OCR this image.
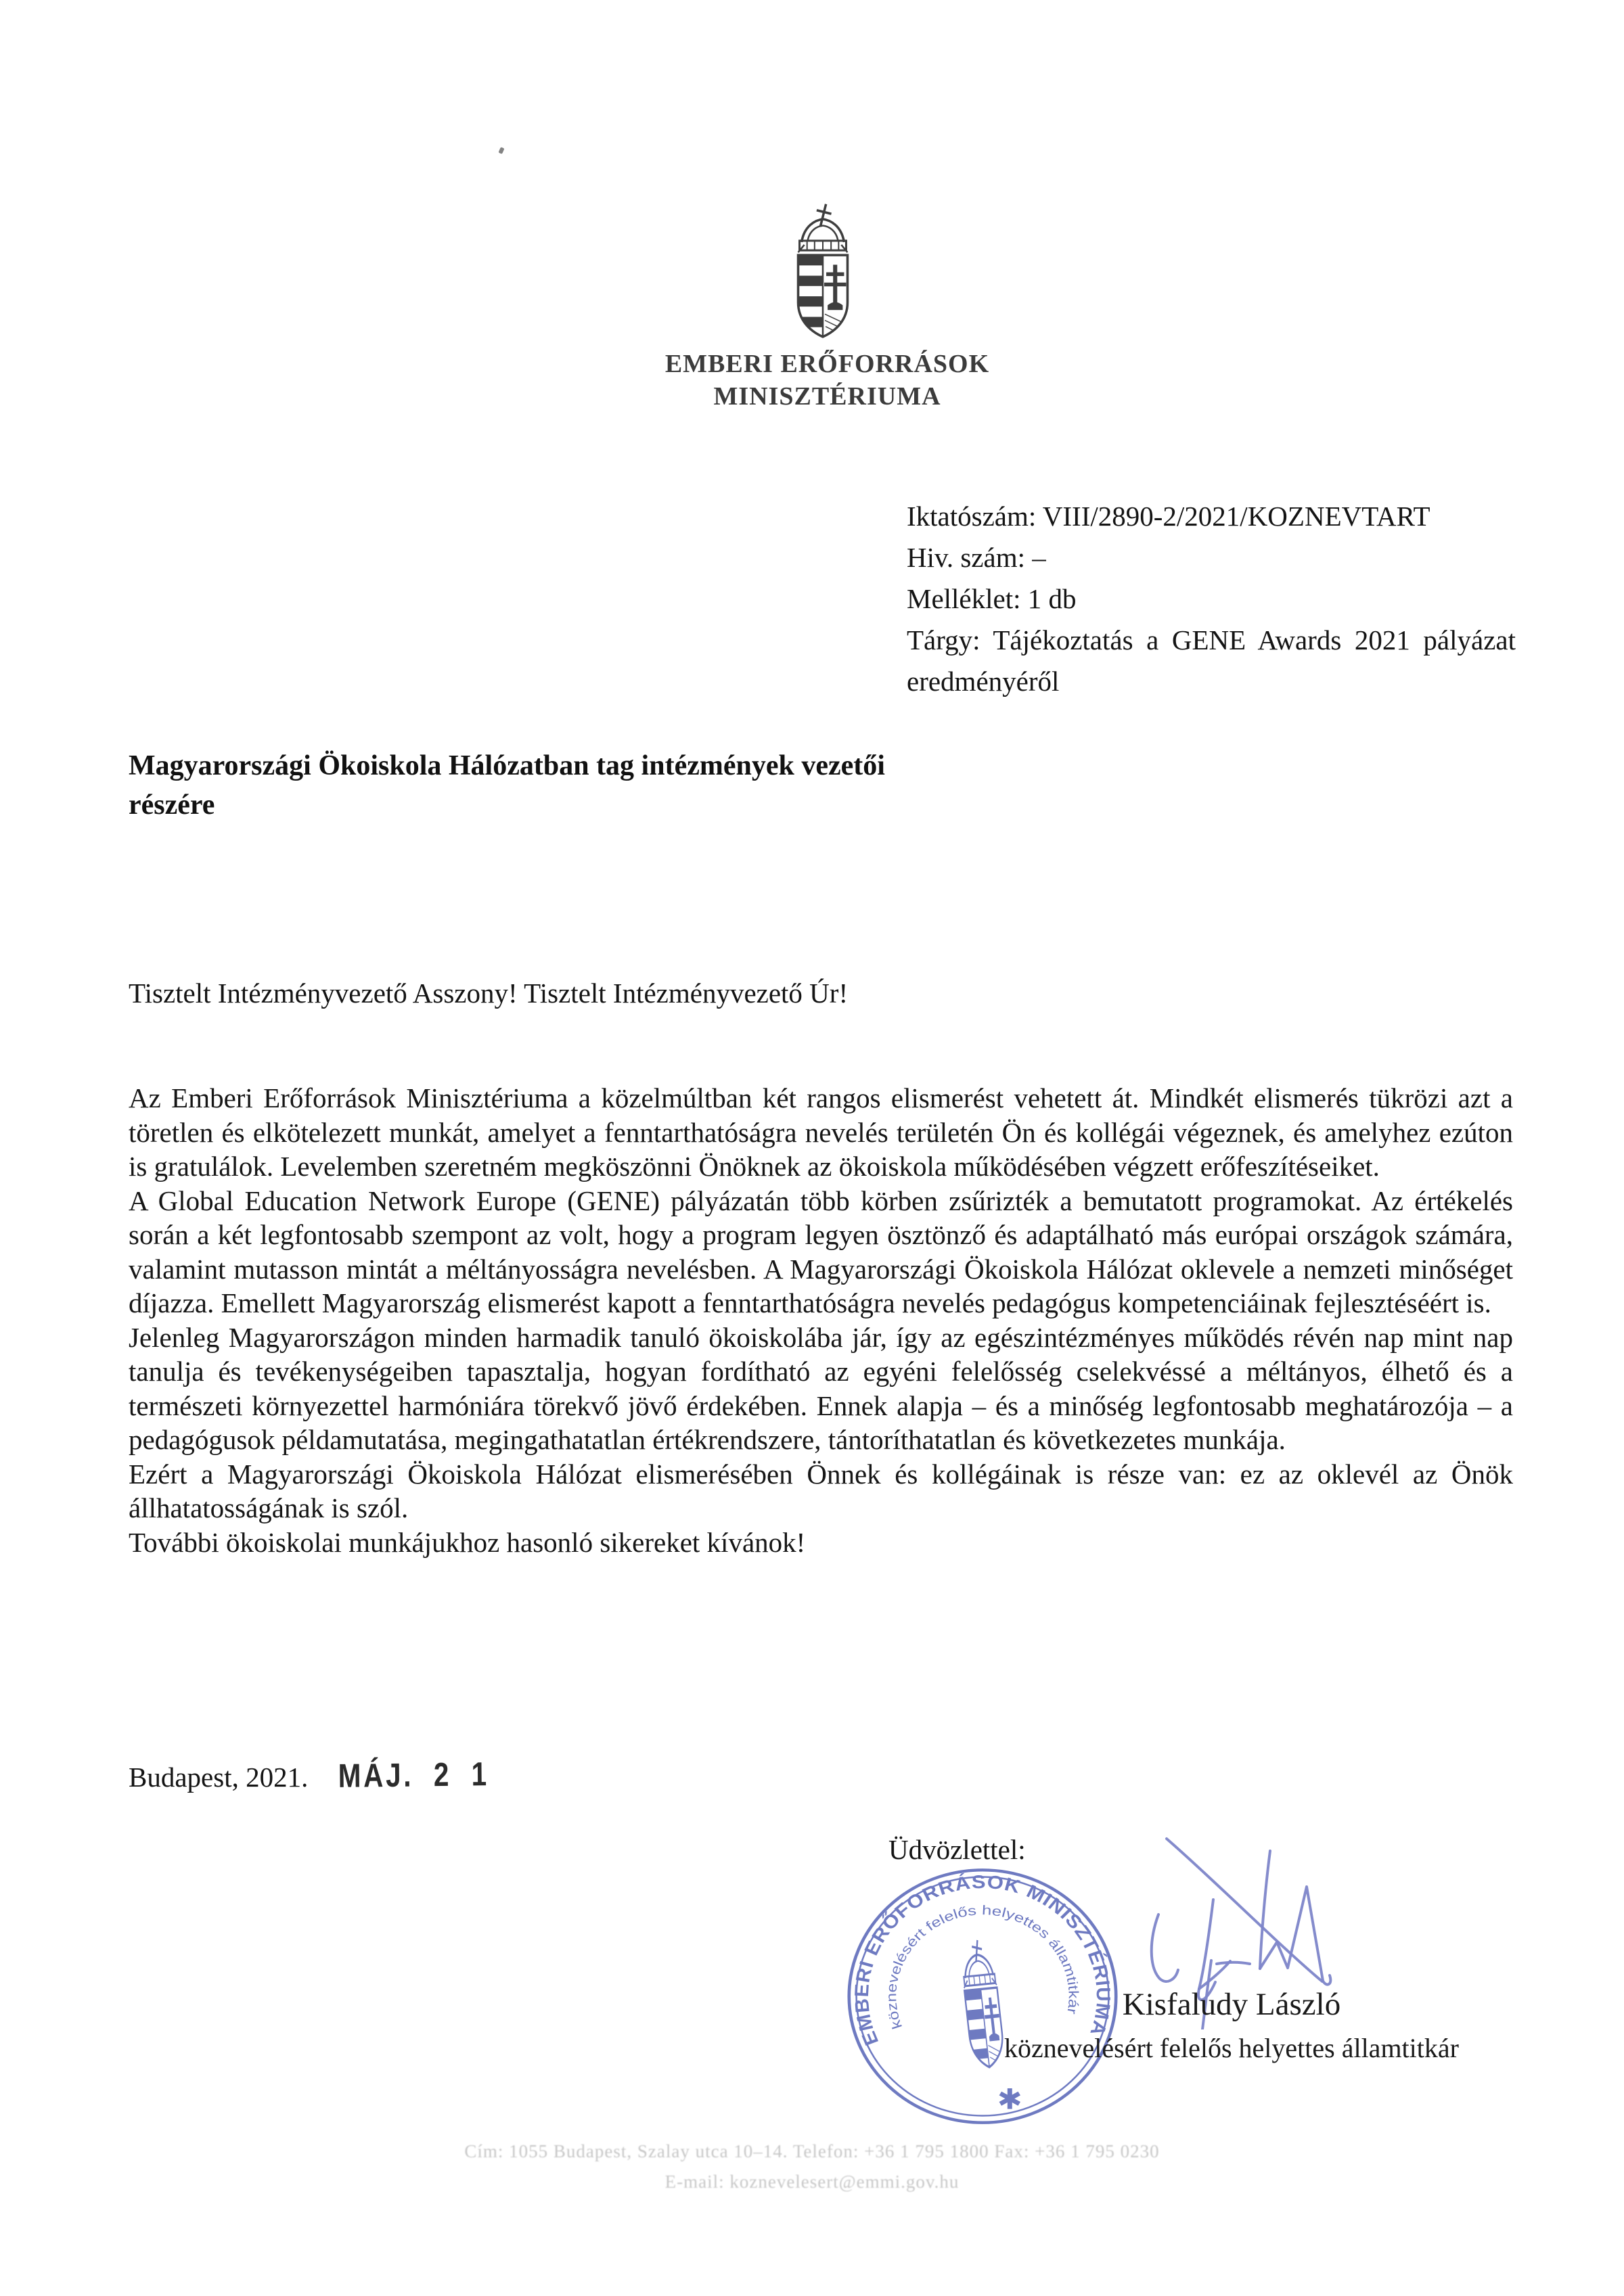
EMBERI ERŐFORRÁSOK
MINISZTÉRIUMA
Iktatószám: VIII/2890-2/2021/KOZNEVTART
Hiv. szám: –
Melléklet: 1 db
Tárgy: Tájékoztatás a GENE Awards 2021 pályázat eredményéről
Magyarországi Ökoiskola Hálózatban tag intézmények vezetői
részére
Tisztelt Intézményvezető Asszony! Tisztelt Intézményvezető Úr!

Az Emberi Erőforrások Minisztériuma a közelmúltban két rangos elismerést vehetett át. Mindkét elismerés tükrözi azt a töretlen és elkötelezett munkát, amelyet a fenntarthatóságra nevelés területén Ön és kollégái végeznek, és amelyhez ezúton is gratulálok. Levelemben szeretném megköszönni Önöknek az ökoiskola működésében végzett erőfeszítéseiket.

A Global Education Network Europe (GENE) pályázatán több körben zsűrizték a bemutatott programokat. Az értékelés során a két legfontosabb szempont az volt, hogy a program legyen ösztönző és adaptálható más európai országok számára, valamint mutasson mintát a méltányosságra nevelésben. A Magyarországi Ökoiskola Hálózat oklevele a nemzeti minőséget díjazza. Emellett Magyarország elismerést kapott a fenntarthatóságra nevelés pedagógus kompetenciáinak fejlesztéséért is.

Jelenleg Magyarországon minden harmadik tanuló ökoiskolába jár, így az egészintézményes működés révén nap mint nap tanulja és tevékenységeiben tapasztalja, hogyan fordítható az egyéni felelősség cselekvéssé a méltányos, élhető és a természeti környezettel harmóniára törekvő jövő érdekében. Ennek alapja – és a minőség legfontosabb meghatározója – a pedagógusok példamutatása, megingathatatlan értékrendszere, tántoríthatatlan és következetes munkája.

Ezért a Magyarországi Ökoiskola Hálózat elismerésében Önnek és kollégáinak is része van: ez az oklevél az Önök állhatatosságának is szól.

További ökoiskolai munkájukhoz hasonló sikereket kívánok!

Budapest, 2021. MÁJ. 2 1
Üdvözlettel:
EMBERI ERŐFORRÁSOK MINISZTÉRIUMA
köznevelésért felelős helyettes államtitkár
✱
Kisfaludy László
köznevelésért felelős helyettes államtitkár
Cím: 1055 Budapest, Szalay utca 10–14. Telefon: +36 1 795 1800 Fax: +36 1 795 0230
E-mail: koznevelesert@emmi.gov.hu
